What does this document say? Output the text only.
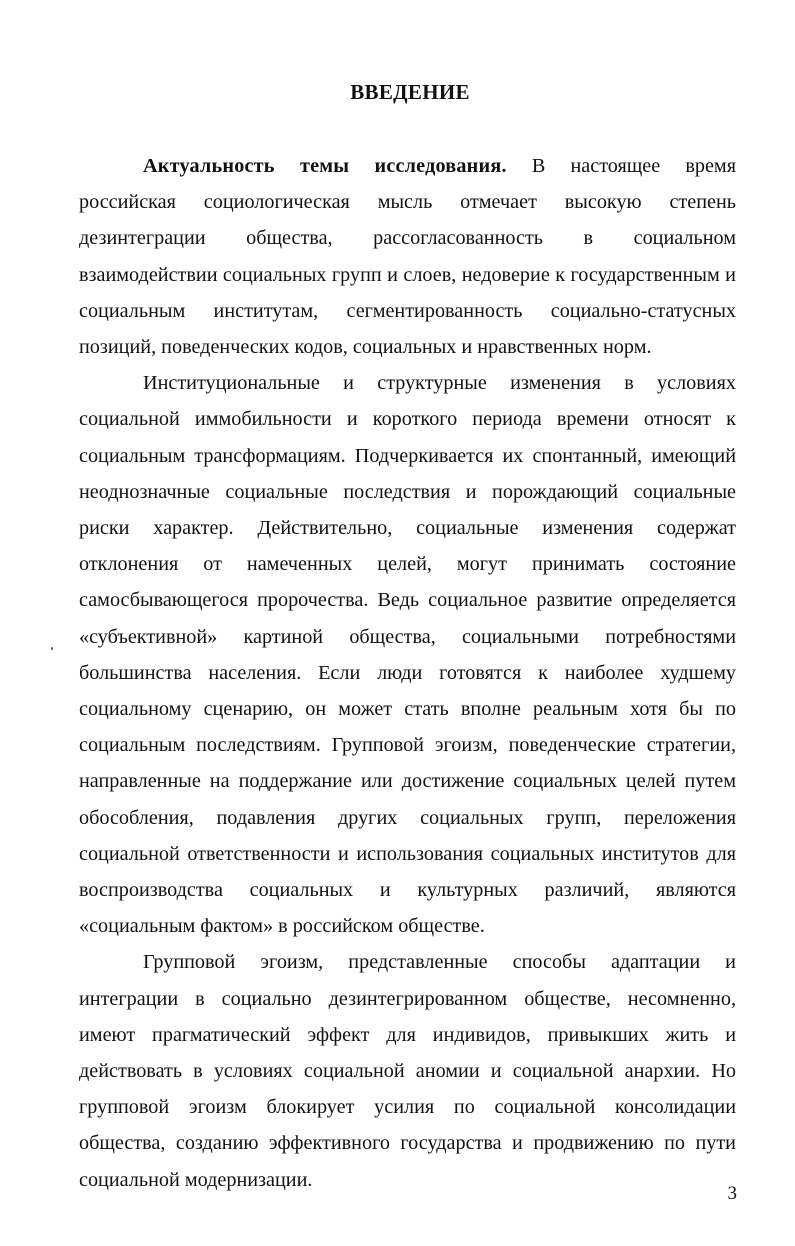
ВВЕДЕНИЕ

Актуальность темы исследования. В настоящее время российская социологическая мысль отмечает высокую степень дезинтеграции общества, рассогласованность в социальном взаимодействии социальных групп и слоев, недоверие к государственным и социальным институтам, сегментированность социально-статусных позиций, поведенческих кодов, социальных и нравственных норм.

Институциональные и структурные изменения в условиях социальной иммобильности и короткого периода времени относят к социальным трансформациям. Подчеркивается их спонтанный, имеющий неоднозначные социальные последствия и порождающий социальные риски характер. Действительно, социальные изменения содержат отклонения от намеченных целей, могут принимать состояние самосбывающегося пророчества. Ведь социальное развитие определяется «субъективной» картиной общества, социальными потребностями большинства населения. Если люди готовятся к наиболее худшему социальному сценарию, он может стать вполне реальным хотя бы по социальным последствиям. Групповой эгоизм, поведенческие стратегии, направленные на поддержание или достижение социальных целей путем обособления, подавления других социальных групп, переложения социальной ответственности и использования социальных институтов для воспроизводства социальных и культурных различий, являются «социальным фактом» в российском обществе.

Групповой эгоизм, представленные способы адаптации и интеграции в социально дезинтегрированном обществе, несомненно, имеют прагматический эффект для индивидов, привыкших жить и действовать в условиях социальной аномии и социальной анархии. Но групповой эгоизм блокирует усилия по социальной консолидации общества, созданию эффективного государства и продвижению по пути социальной модернизации.

3
